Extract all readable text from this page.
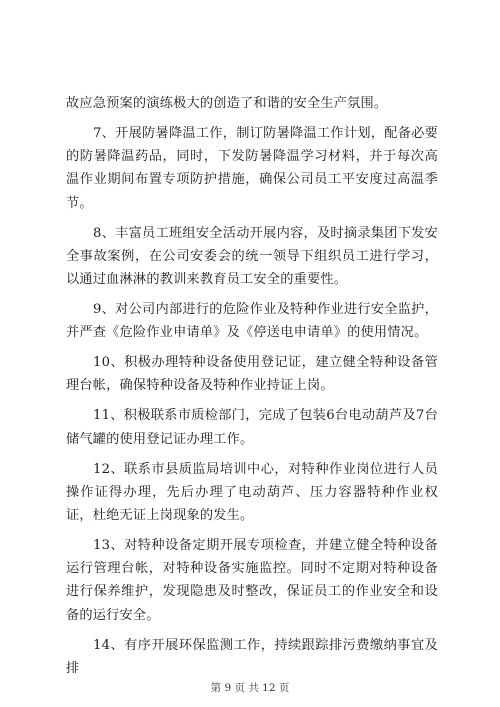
故应急预案的演练极大的创造了和谐的安全生产氛围。

7、开展防暑降温工作，制订防暑降温工作计划，配备必要的防暑降温药品，同时，下发防暑降温学习材料，并于每次高温作业期间布置专项防护措施，确保公司员工平安度过高温季节。

8、丰富员工班组安全活动开展内容，及时摘录集团下发安全事故案例，在公司安委会的统一领导下组织员工进行学习，以通过血淋淋的教训来教育员工安全的重要性。

9、对公司内部进行的危险作业及特种作业进行安全监护，并严查《危险作业申请单》及《停送电申请单》的使用情况。

10、积极办理特种设备使用登记证，建立健全特种设备管理台帐，确保特种设备及特种作业持证上岗。

11、积极联系市质检部门，完成了包装6台电动葫芦及7台储气罐的使用登记证办理工作。

12、联系市县质监局培训中心，对特种作业岗位进行人员操作证得办理，先后办理了电动葫芦、压力容器特种作业权证，杜绝无证上岗现象的发生。

13、对特种设备定期开展专项检查，并建立健全特种设备运行管理台帐，对特种设备实施监控。同时不定期对特种设备进行保养维护，发现隐患及时整改，保证员工的作业安全和设备的运行安全。

14、有序开展环保监测工作，持续跟踪排污费缴纳事宜及排

第 9 页 共 12 页
